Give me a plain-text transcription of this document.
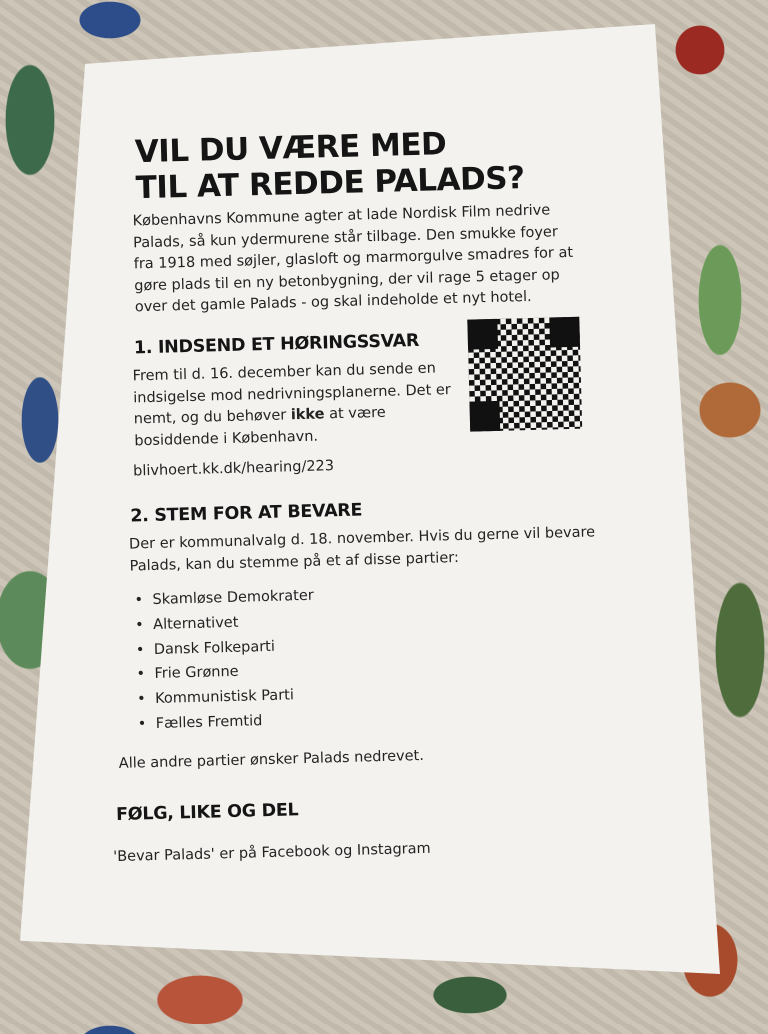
VIL DU VÆRE MED
TIL AT REDDE PALADS?

Københavns Kommune agter at lade Nordisk Film nedrive Palads, så kun ydermurene står tilbage. Den smukke foyer fra 1918 med søjler, glasloft og marmorgulve smadres for at gøre plads til en ny betonbygning, der vil rage 5 etager op over det gamle Palads - og skal indeholde et nyt hotel.

1. INDSEND ET HØRINGSSVAR

Frem til d. 16. december kan du sende en indsigelse mod nedrivningsplanerne. Det er nemt, og du behøver ikke at være bosiddende i København.

blivhoert.kk.dk/hearing/223

2. STEM FOR AT BEVARE

Der er kommunalvalg d. 18. november. Hvis du gerne vil bevare Palads, kan du stemme på et af disse partier:

• Skamløse Demokrater
• Alternativet
• Dansk Folkeparti
• Frie Grønne
• Kommunistisk Parti
• Fælles Fremtid

Alle andre partier ønsker Palads nedrevet.

FØLG, LIKE OG DEL

'Bevar Palads' er på Facebook og Instagram
